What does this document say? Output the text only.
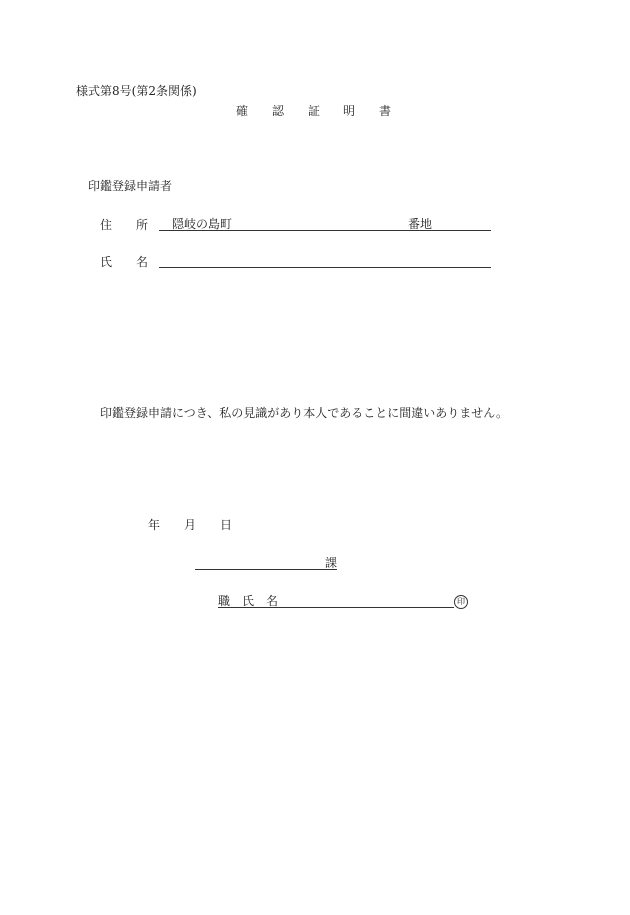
様式第8号(第2条関係)
確 認 証 明 書
印鑑登録申請者
住 所 隠岐の島町	番地
氏 名
印鑑登録申請につき、私の見識があり本人であることに間違いありません。
年 月 日
課
職 氏 名	印
